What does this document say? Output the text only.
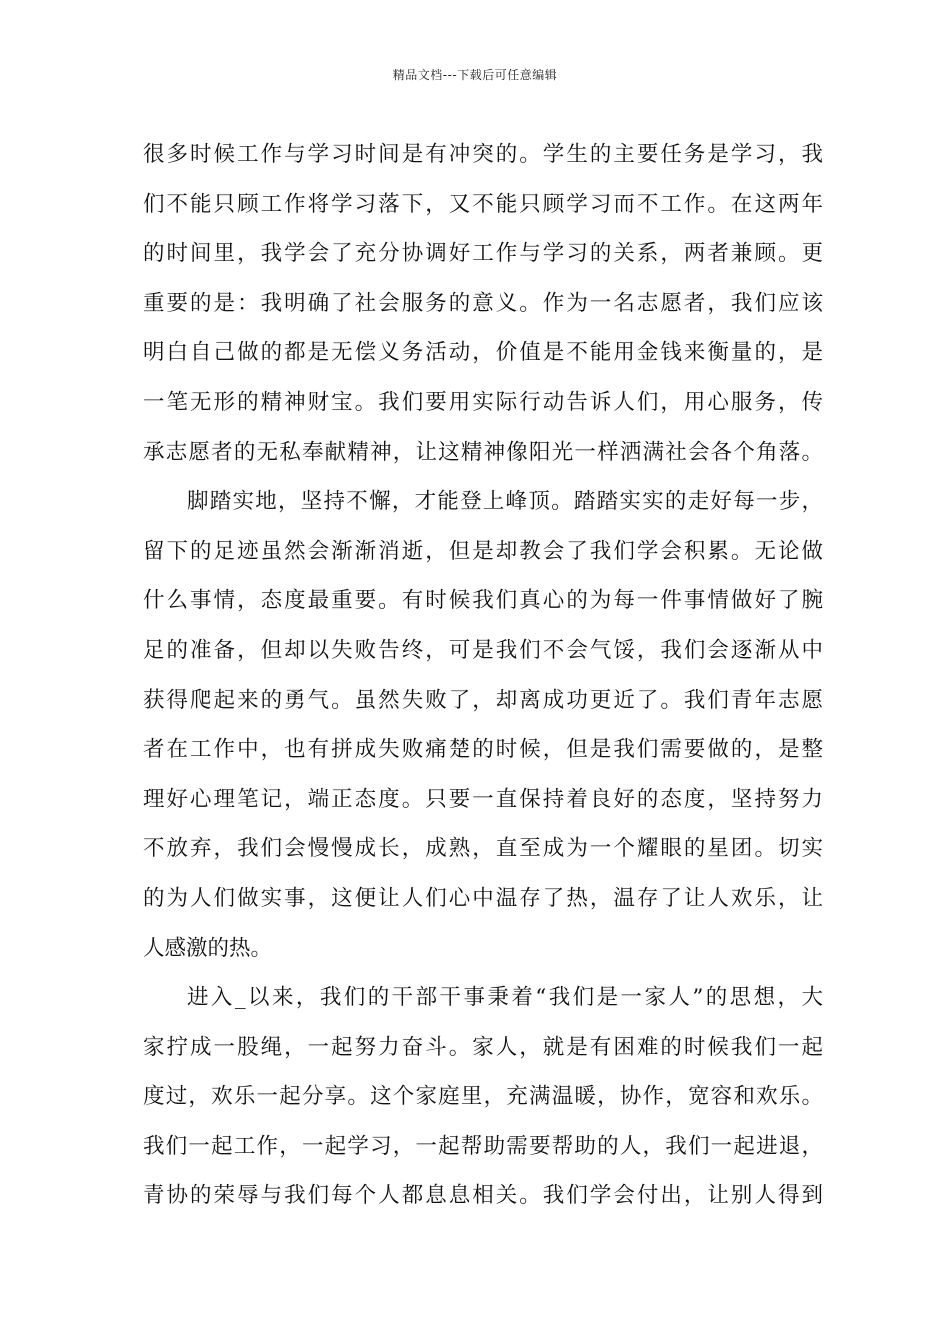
精品文档---下载后可任意编辑
很多时候工作与学习时间是有冲突的。学生的主要任务是学习，我
们不能只顾工作将学习落下，又不能只顾学习而不工作。在这两年
的时间里，我学会了充分协调好工作与学习的关系，两者兼顾。更
重要的是：我明确了社会服务的意义。作为一名志愿者，我们应该
明白自己做的都是无偿义务活动，价值是不能用金钱来衡量的，是
一笔无形的精神财宝。我们要用实际行动告诉人们，用心服务，传
承志愿者的无私奉献精神，让这精神像阳光一样洒满社会各个角落。
脚踏实地，坚持不懈，才能登上峰顶。踏踏实实的走好每一步，
留下的足迹虽然会渐渐消逝，但是却教会了我们学会积累。无论做
什么事情，态度最重要。有时候我们真心的为每一件事情做好了腕
足的准备，但却以失败告终，可是我们不会气馁，我们会逐渐从中
获得爬起来的勇气。虽然失败了，却离成功更近了。我们青年志愿
者在工作中，也有拼成失败痛楚的时候，但是我们需要做的，是整
理好心理笔记，端正态度。只要一直保持着良好的态度，坚持努力
不放弃，我们会慢慢成长，成熟，直至成为一个耀眼的星团。切实
的为人们做实事，这便让人们心中温存了热，温存了让人欢乐，让
人感激的热。
进入_以来，我们的干部干事秉着“我们是一家人”的思想，大
家拧成一股绳，一起努力奋斗。家人，就是有困难的时候我们一起
度过，欢乐一起分享。这个家庭里，充满温暖，协作，宽容和欢乐。
我们一起工作，一起学习，一起帮助需要帮助的人，我们一起进退，
青协的荣辱与我们每个人都息息相关。我们学会付出，让别人得到
